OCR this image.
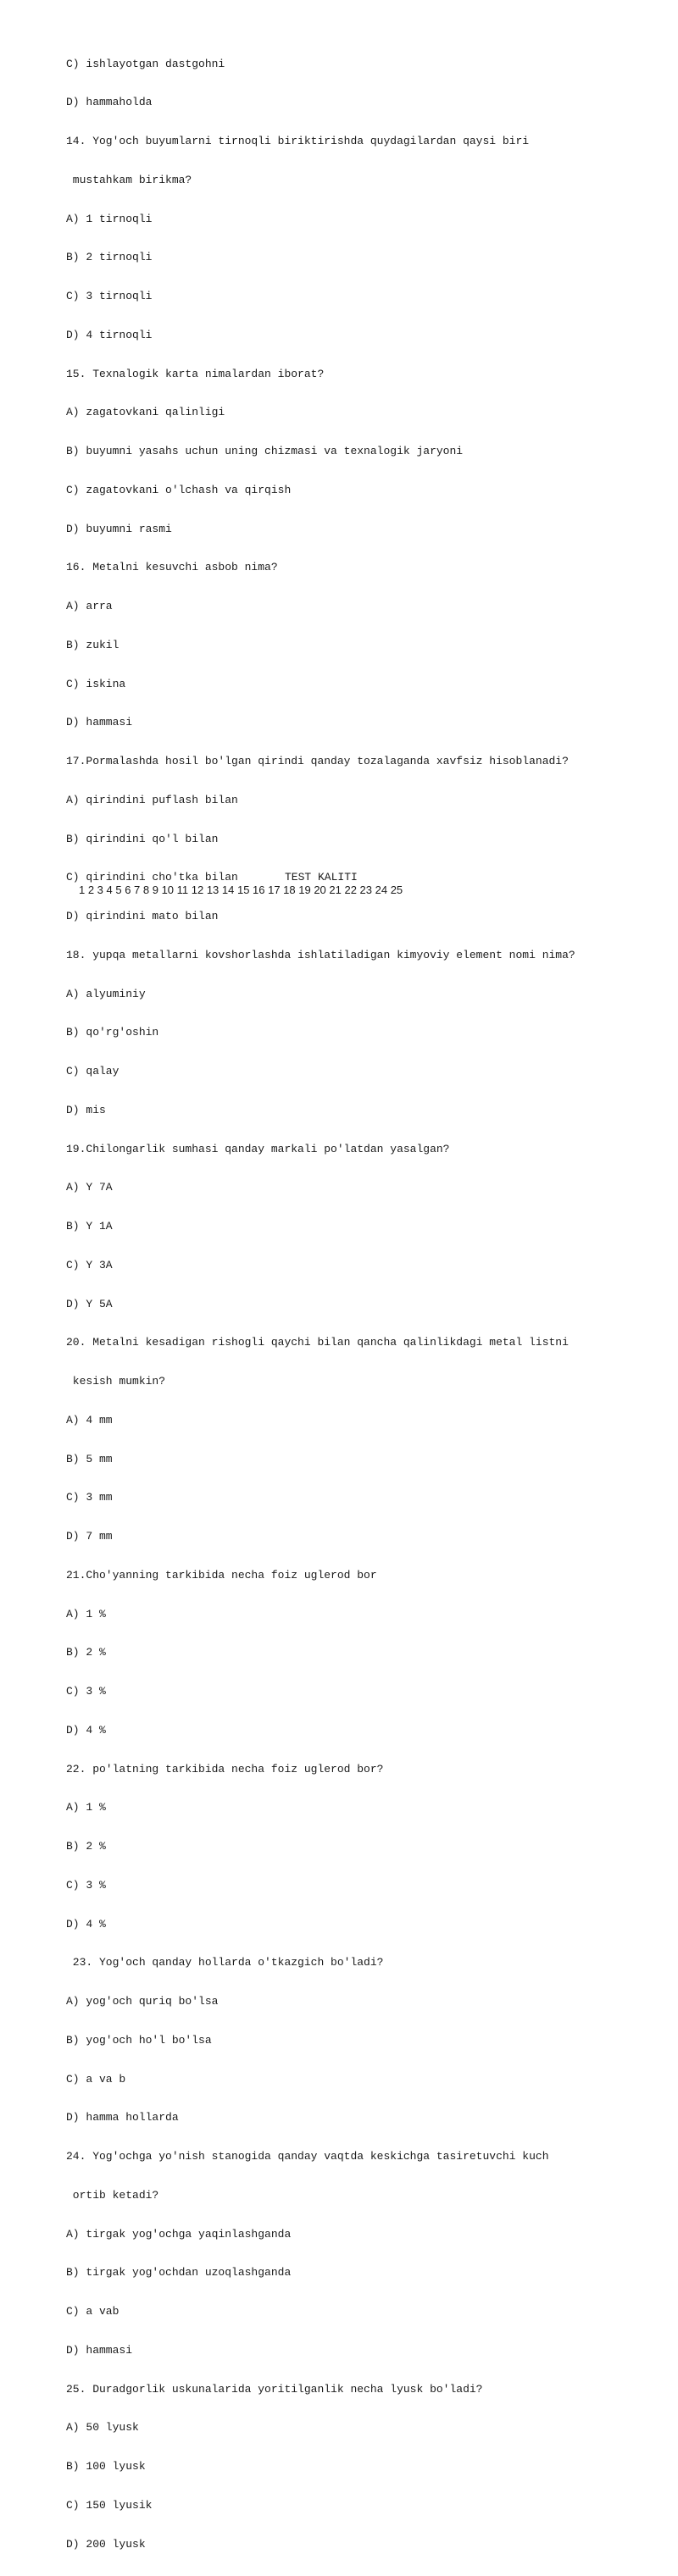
C) ishlayotgan dastgohni

D) hammaholda

14. Yog'och buyumlarni tirnoqli biriktirishda quydagilardan qaysi biri

mustahkam birikma?

A) 1 tirnoqli

B) 2 tirnoqli

C) 3 tirnoqli

D) 4 tirnoqli

15. Texnalogik karta nimalardan iborat?

A) zagatovkani qalinligi

B) buyumni yasahs uchun uning chizmasi va texnalogik jaryoni

C) zagatovkani o'lchash va qirqish

D) buyumni rasmi

16. Metalni kesuvchi asbob nima?

A) arra

B) zukil

C) iskina

D) hammasi

17.Pormalashda hosil bo'lgan qirindi qanday tozalaganda xavfsiz hisoblanadi?

A) qirindini puflash bilan

B) qirindini qo'l bilan

C) qirindini cho'tka bilan

D) qirindini mato bilan

18. yupqa metallarni kovshorlashda ishlatiladigan kimyoviy element nomi nima?

A) alyuminiy

B) qo'rg'oshin

C) qalay

D) mis

19.Chilongarlik sumhasi qanday markali po'latdan yasalgan?

A) Y 7A

B) Y 1A

C) Y 3A

D) Y 5A

20. Metalni kesadigan rishogli qaychi bilan qancha qalinlikdagi metal listni

kesish mumkin?

A) 4 mm

B) 5 mm

C) 3 mm

D) 7 mm

21.Cho'yanning tarkibida necha foiz uglerod bor

A) 1 %

B) 2 %

C) 3 %

D) 4 %

22. po'latning tarkibida necha foiz uglerod bor?

A) 1 %

B) 2 %

C) 3 %

D) 4 %

23. Yog'och qanday hollarda o'tkazgich bo'ladi?

A) yog'och quriq bo'lsa

B) yog'och ho'l bo'lsa

C) a va b

D) hamma hollarda

24. Yog'ochga yo'nish stanogida qanday vaqtda keskichga tasiretuvchi kuch

ortib ketadi?

A) tirgak yog'ochga yaqinlashganda

B) tirgak yog'ochdan uzoqlashganda

C) a vab

D) hammasi

25. Duradgorlik uskunalarida yoritilganlik necha lyusk bo'ladi?

A) 50 lyusk

B) 100 lyusk

C) 150 lyusik

D) 200 lyusk

TEST KALITI
1 2 3 4 5 6 7 8 9 10 11 12 13 14 15 16 17 18 19 20 21 22 23 24 25
